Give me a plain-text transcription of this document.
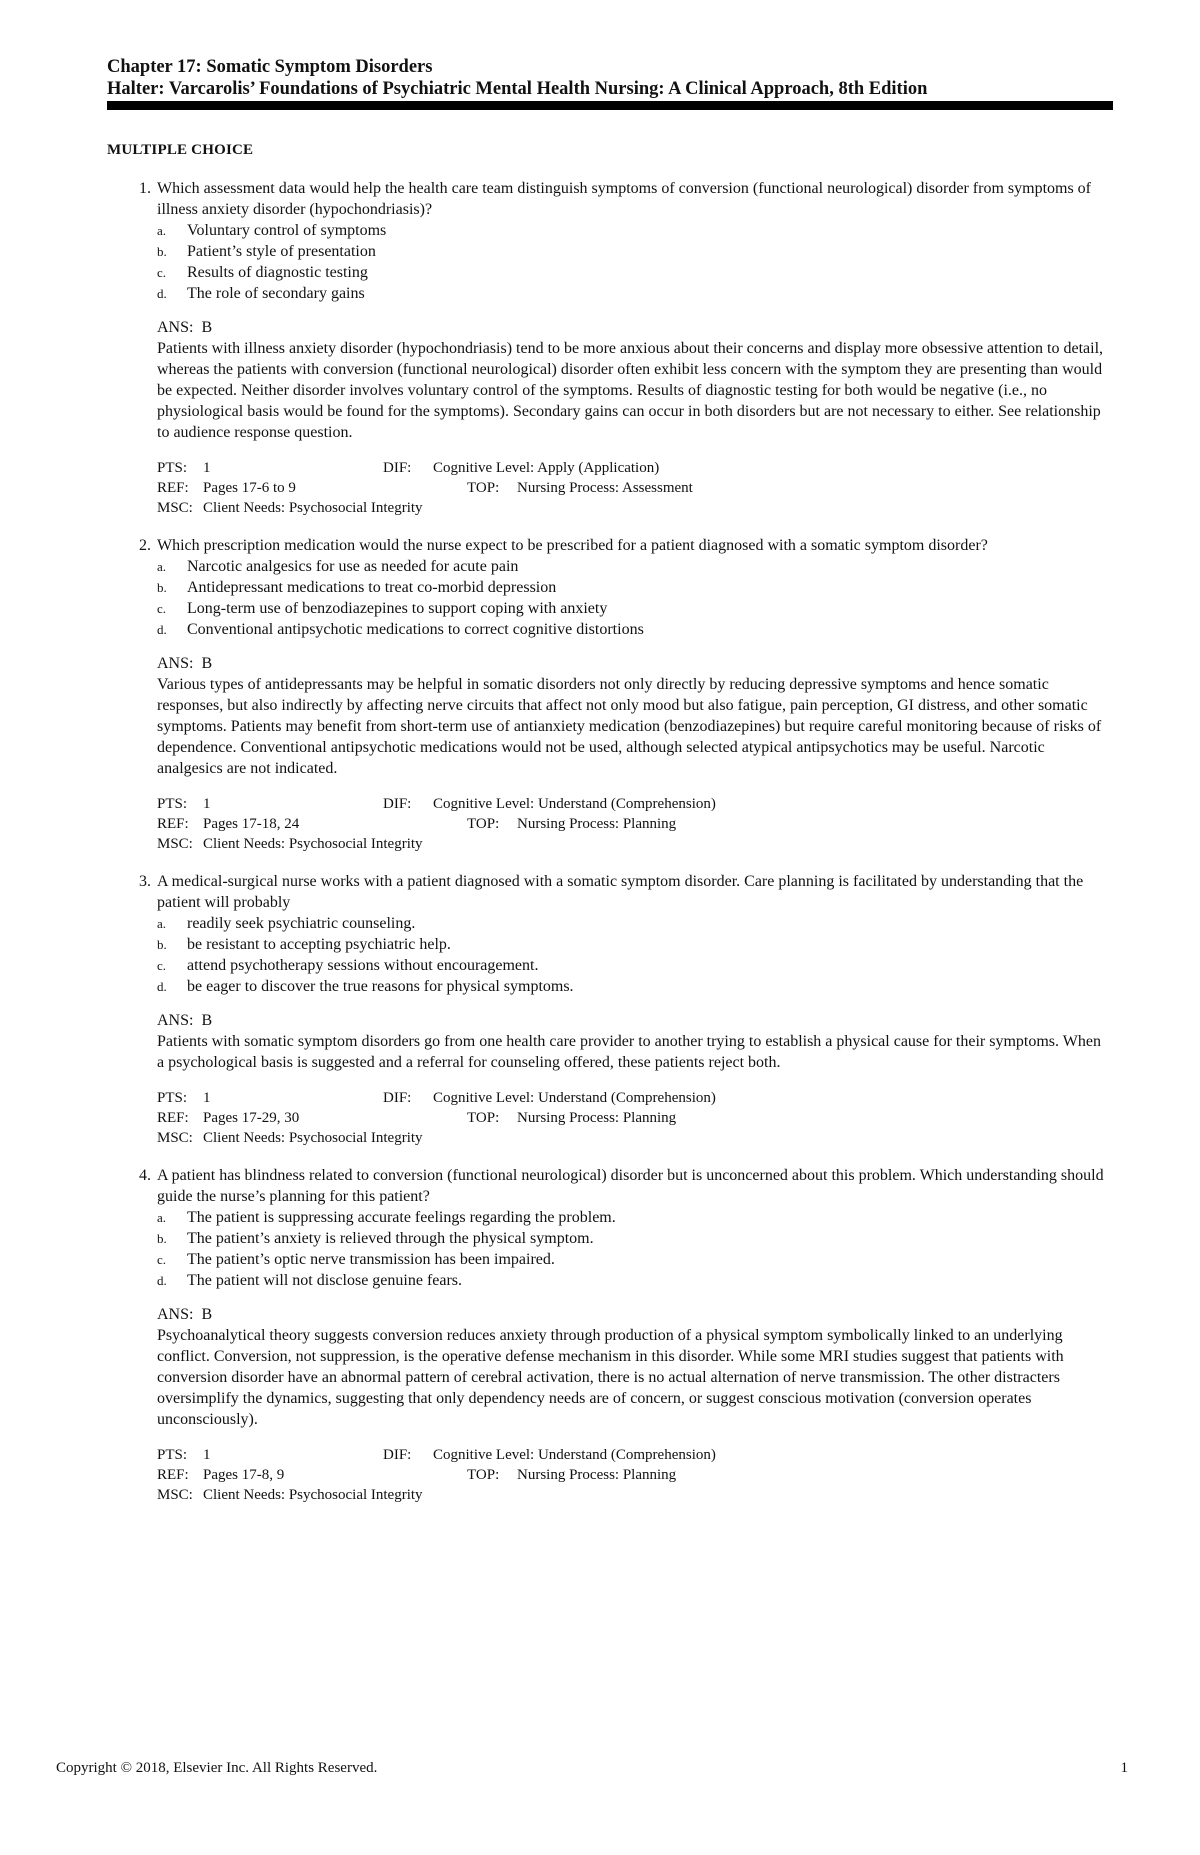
Chapter 17: Somatic Symptom Disorders
Halter: Varcarolis’ Foundations of Psychiatric Mental Health Nursing: A Clinical Approach, 8th Edition
MULTIPLE CHOICE
1. Which assessment data would help the health care team distinguish symptoms of conversion (functional neurological) disorder from symptoms of illness anxiety disorder (hypochondriasis)?
a. Voluntary control of symptoms
b. Patient’s style of presentation
c. Results of diagnostic testing
d. The role of secondary gains
ANS:  B
Patients with illness anxiety disorder (hypochondriasis) tend to be more anxious about their concerns and display more obsessive attention to detail, whereas the patients with conversion (functional neurological) disorder often exhibit less concern with the symptom they are presenting than would be expected. Neither disorder involves voluntary control of the symptoms. Results of diagnostic testing for both would be negative (i.e., no physiological basis would be found for the symptoms). Secondary gains can occur in both disorders but are not necessary to either. See relationship to audience response question.
PTS:	1	DIF:	Cognitive Level: Apply (Application)
REF: Pages 17-6 to 9	TOP:	Nursing Process: Assessment
MSC: Client Needs: Psychosocial Integrity
2. Which prescription medication would the nurse expect to be prescribed for a patient diagnosed with a somatic symptom disorder?
a. Narcotic analgesics for use as needed for acute pain
b. Antidepressant medications to treat co-morbid depression
c. Long-term use of benzodiazepines to support coping with anxiety
d. Conventional antipsychotic medications to correct cognitive distortions
ANS:  B
Various types of antidepressants may be helpful in somatic disorders not only directly by reducing depressive symptoms and hence somatic responses, but also indirectly by affecting nerve circuits that affect not only mood but also fatigue, pain perception, GI distress, and other somatic symptoms. Patients may benefit from short-term use of antianxiety medication (benzodiazepines) but require careful monitoring because of risks of dependence. Conventional antipsychotic medications would not be used, although selected atypical antipsychotics may be useful. Narcotic analgesics are not indicated.
PTS:	1	DIF:	Cognitive Level: Understand (Comprehension)
REF: Pages 17-18, 24	TOP:	Nursing Process: Planning
MSC: Client Needs: Psychosocial Integrity
3. A medical-surgical nurse works with a patient diagnosed with a somatic symptom disorder. Care planning is facilitated by understanding that the patient will probably
a. readily seek psychiatric counseling.
b. be resistant to accepting psychiatric help.
c. attend psychotherapy sessions without encouragement.
d. be eager to discover the true reasons for physical symptoms.
ANS:  B
Patients with somatic symptom disorders go from one health care provider to another trying to establish a physical cause for their symptoms. When a psychological basis is suggested and a referral for counseling offered, these patients reject both.
PTS:	1	DIF:	Cognitive Level: Understand (Comprehension)
REF: Pages 17-29, 30	TOP:	Nursing Process: Planning
MSC: Client Needs: Psychosocial Integrity
4. A patient has blindness related to conversion (functional neurological) disorder but is unconcerned about this problem. Which understanding should guide the nurse’s planning for this patient?
a. The patient is suppressing accurate feelings regarding the problem.
b. The patient’s anxiety is relieved through the physical symptom.
c. The patient’s optic nerve transmission has been impaired.
d. The patient will not disclose genuine fears.
ANS:  B
Psychoanalytical theory suggests conversion reduces anxiety through production of a physical symptom symbolically linked to an underlying conflict. Conversion, not suppression, is the operative defense mechanism in this disorder. While some MRI studies suggest that patients with conversion disorder have an abnormal pattern of cerebral activation, there is no actual alternation of nerve transmission. The other distracters oversimplify the dynamics, suggesting that only dependency needs are of concern, or suggest conscious motivation (conversion operates unconsciously).
PTS:	1	DIF:	Cognitive Level: Understand (Comprehension)
REF: Pages 17-8, 9	TOP:	Nursing Process: Planning
MSC: Client Needs: Psychosocial Integrity
Copyright © 2018, Elsevier Inc. All Rights Reserved.	1
